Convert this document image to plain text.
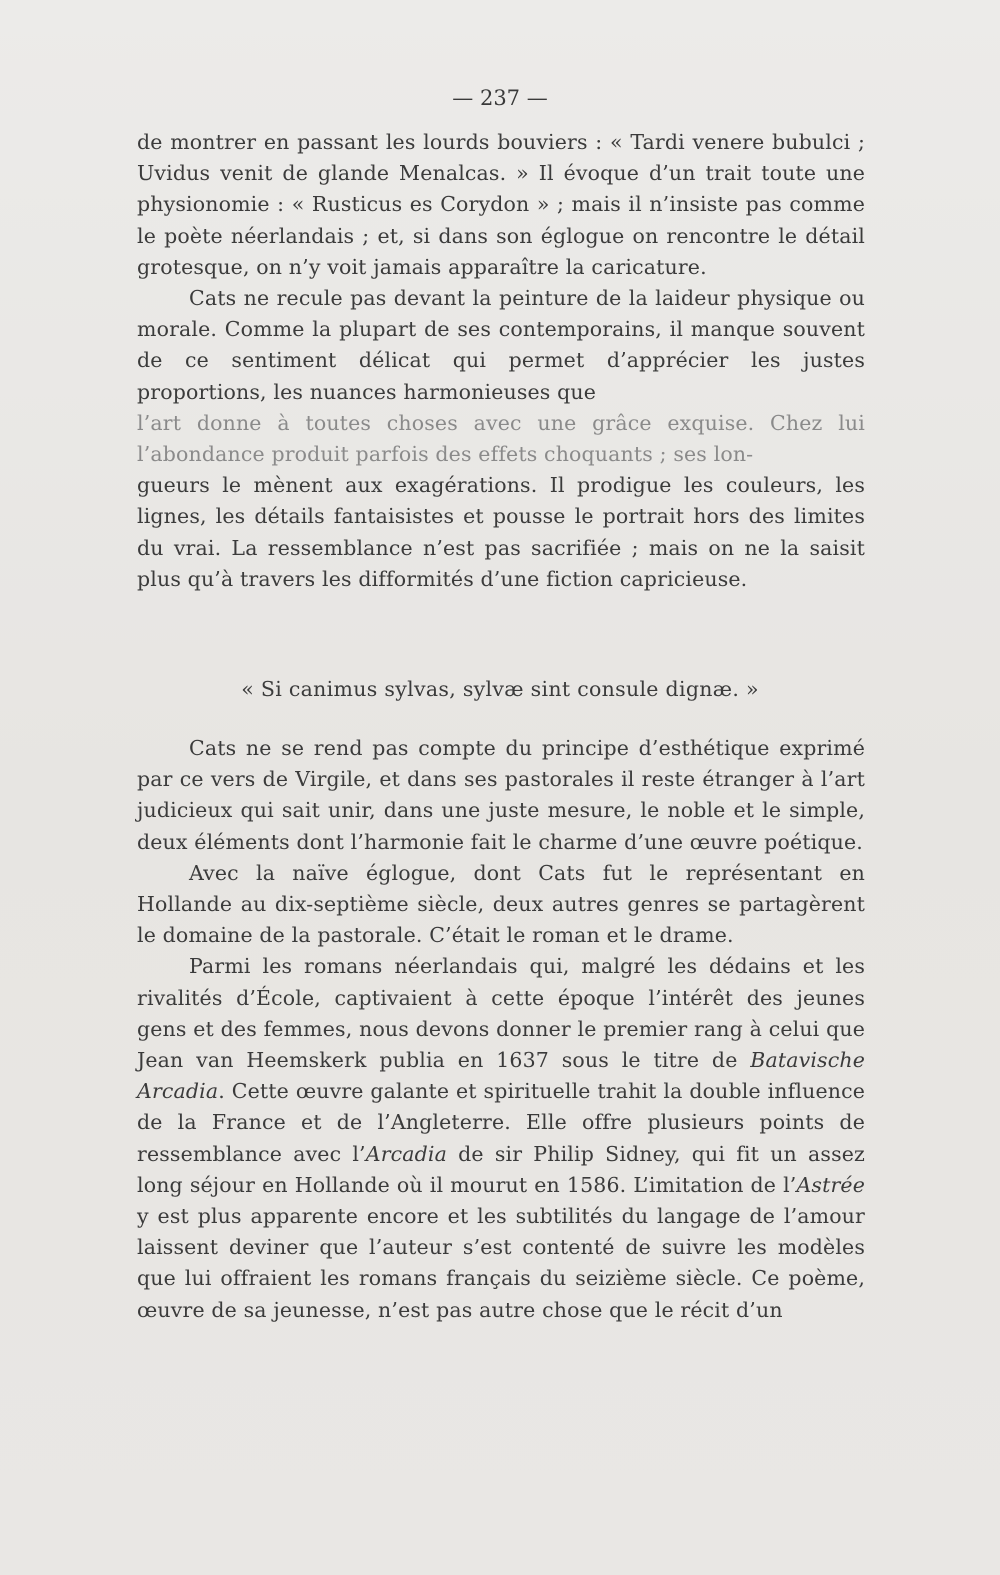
— 237 —

de montrer en passant les lourds bouviers : « Tardi venere bubulci ; Uvidus venit de glande Menalcas. » Il évoque d’un trait toute une physionomie : « Rusticus es Corydon » ; mais il n’insiste pas comme le poète néerlandais ; et, si dans son églogue on rencontre le détail grotesque, on n’y voit jamais apparaître la caricature.

Cats ne recule pas devant la peinture de la laideur physique ou morale. Comme la plupart de ses contemporains, il manque souvent de ce sentiment délicat qui permet d’apprécier les justes proportions, les nuances harmonieuses que

l’art donne à toutes choses avec une grâce exquise. Chez lui l’abondance produit parfois des effets choquants ; ses lon-

gueurs le mènent aux exagérations. Il prodigue les couleurs, les lignes, les détails fantaisistes et pousse le portrait hors des limites du vrai. La ressemblance n’est pas sacrifiée ; mais on ne la saisit plus qu’à travers les difformités d’une fiction capricieuse.

« Si canimus sylvas, sylvæ sint consule dignæ. »

Cats ne se rend pas compte du principe d’esthétique exprimé par ce vers de Virgile, et dans ses pastorales il reste étranger à l’art judicieux qui sait unir, dans une juste mesure, le noble et le simple, deux éléments dont l’harmonie fait le charme d’une œuvre poétique.

Avec la naïve églogue, dont Cats fut le représentant en Hollande au dix-septième siècle, deux autres genres se partagèrent le domaine de la pastorale. C’était le roman et le drame.

Parmi les romans néerlandais qui, malgré les dédains et les rivalités d’École, captivaient à cette époque l’intérêt des jeunes gens et des femmes, nous devons donner le premier rang à celui que Jean van Heemskerk publia en 1637 sous le titre de Batavische Arcadia. Cette œuvre galante et spirituelle trahit la double influence de la France et de l’Angleterre. Elle offre plusieurs points de ressemblance avec l’Arcadia de sir Philip Sidney, qui fit un assez long séjour en Hollande où il mourut en 1586. L’imitation de l’Astrée y est plus apparente encore et les subtilités du langage de l’amour laissent deviner que l’auteur s’est contenté de suivre les modèles que lui offraient les romans français du seizième siècle. Ce poème, œuvre de sa jeunesse, n’est pas autre chose que le récit d’un
